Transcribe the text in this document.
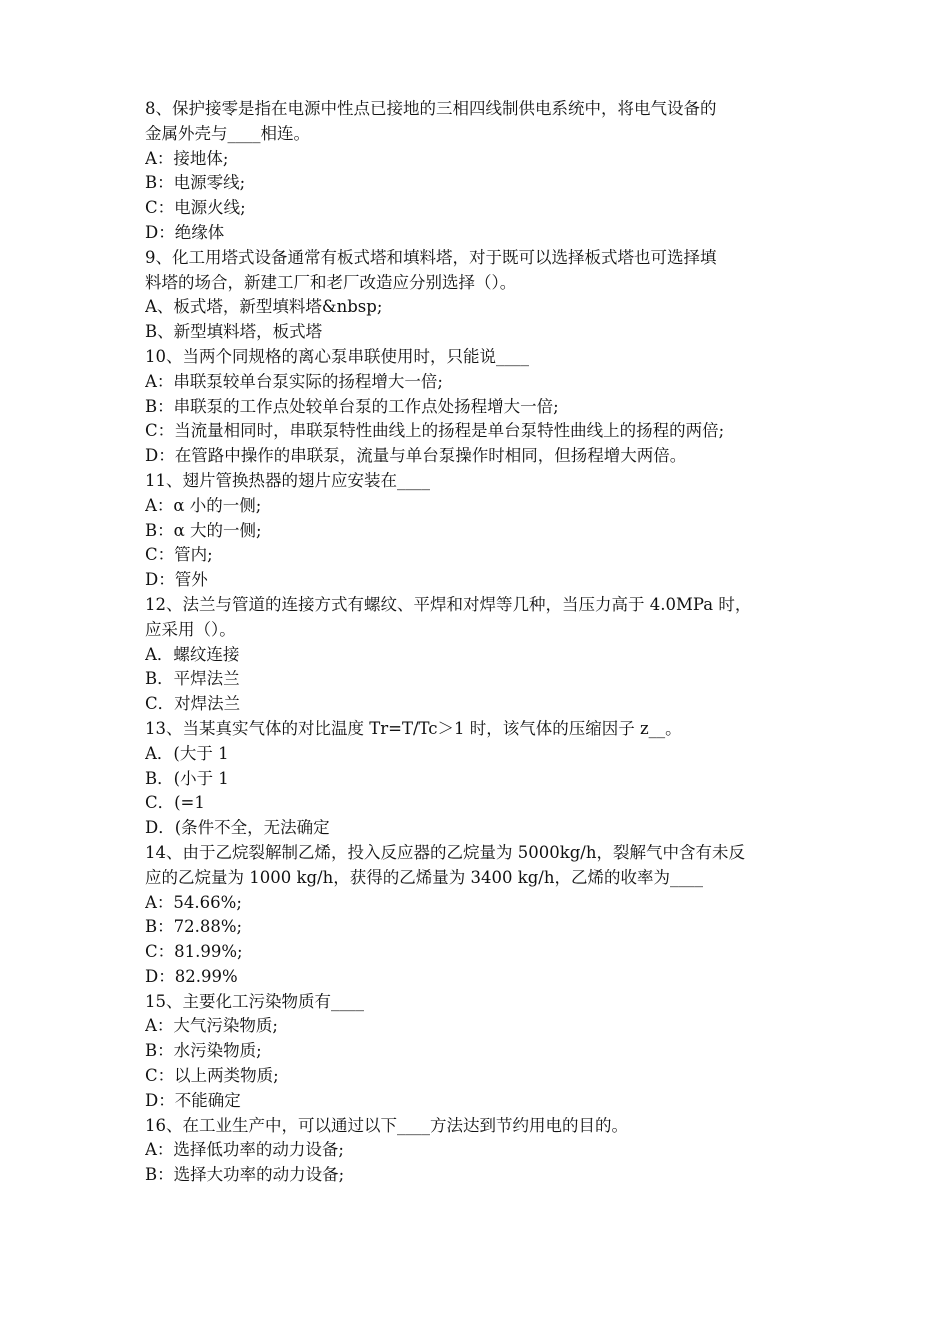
8、保护接零是指在电源中性点已接地的三相四线制供电系统中，将电气设备的
金属外壳与____相连。
A：接地体;
B：电源零线;
C：电源火线;
D：绝缘体
9、化工用塔式设备通常有板式塔和填料塔，对于既可以选择板式塔也可选择填
料塔的场合，新建工厂和老厂改造应分别选择（）。
A、板式塔，新型填料塔&nbsp;
B、新型填料塔，板式塔
10、当两个同规格的离心泵串联使用时，只能说____
A：串联泵较单台泵实际的扬程增大一倍;
B：串联泵的工作点处较单台泵的工作点处扬程增大一倍;
C：当流量相同时，串联泵特性曲线上的扬程是单台泵特性曲线上的扬程的两倍;
D：在管路中操作的串联泵，流量与单台泵操作时相同，但扬程增大两倍。
11、翅片管换热器的翅片应安装在____
A：α 小的一侧;
B：α 大的一侧;
C：管内;
D：管外
12、法兰与管道的连接方式有螺纹、平焊和对焊等几种，当压力高于 4.0MPa 时，
应采用（）。
A．螺纹连接
B．平焊法兰
C．对焊法兰
13、当某真实气体的对比温度 Tr=T/Tc＞1 时，该气体的压缩因子 z__。
A．(大于 1
B．(小于 1
C．(=1
D．(条件不全，无法确定
14、由于乙烷裂解制乙烯，投入反应器的乙烷量为 5000kg/h，裂解气中含有未反
应的乙烷量为 1000 kg/h，获得的乙烯量为 3400 kg/h，乙烯的收率为____
A：54.66%;
B：72.88%;
C：81.99%;
D：82.99%
15、主要化工污染物质有____
A：大气污染物质;
B：水污染物质;
C：以上两类物质;
D：不能确定
16、在工业生产中，可以通过以下____方法达到节约用电的目的。
A：选择低功率的动力设备;
B：选择大功率的动力设备;
